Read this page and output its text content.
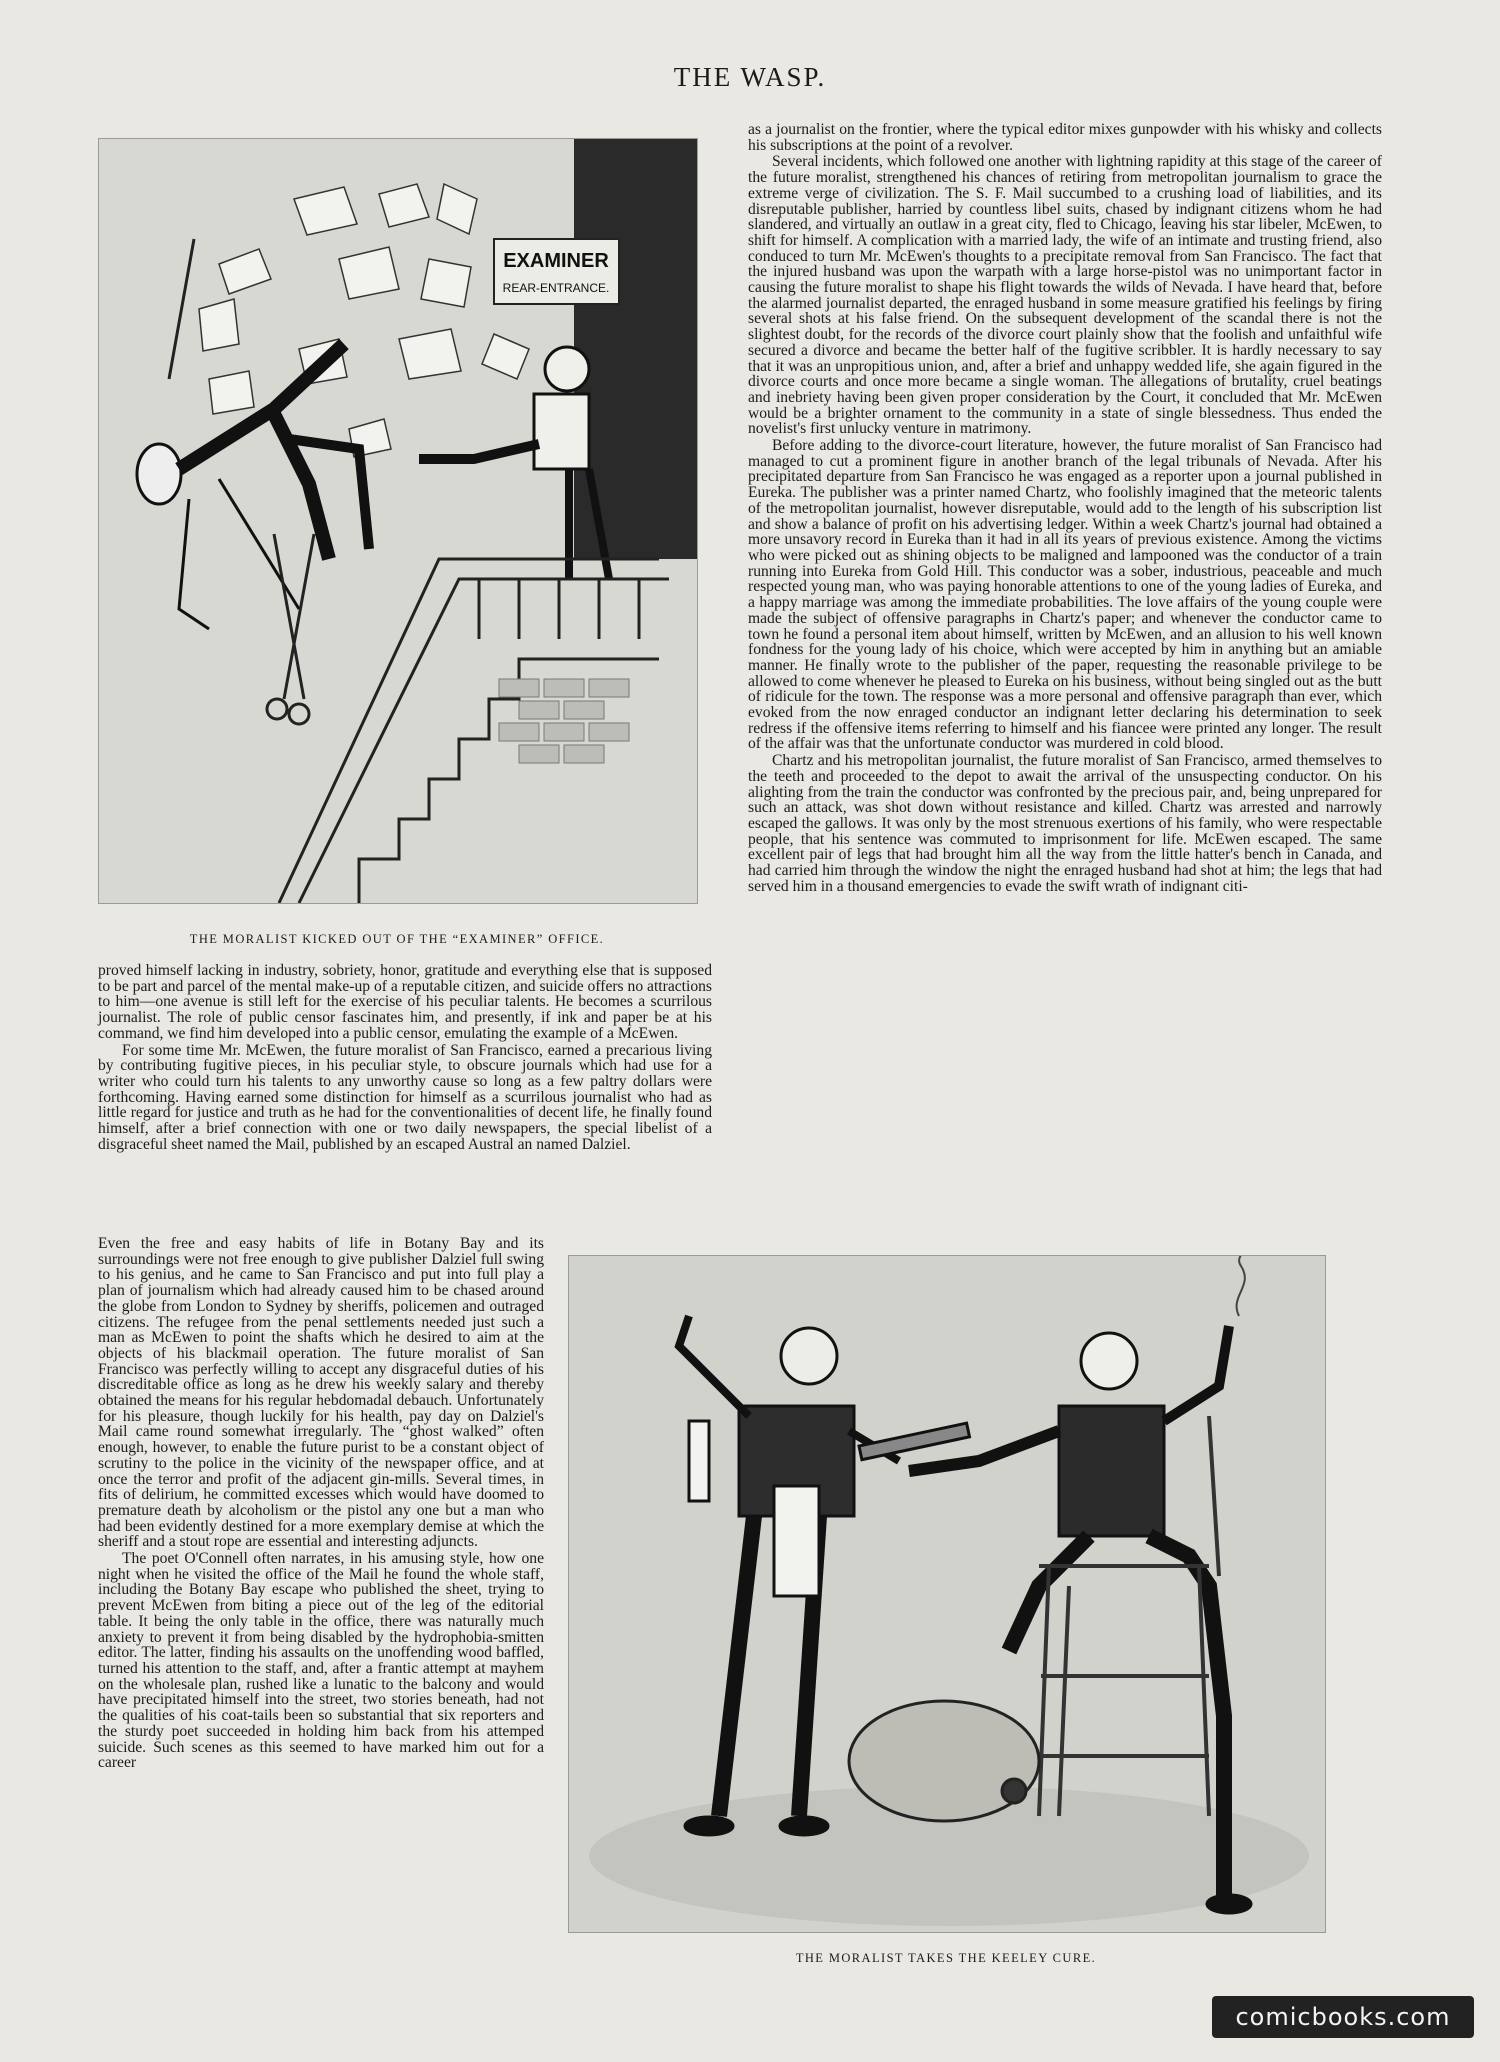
THE WASP.
EXAMINER
REAR-ENTRANCE.
THE MORALIST KICKED OUT OF THE “EXAMINER” OFFICE.

as a journalist on the frontier, where the typical editor mixes gunpowder with his whisky and collects his subscriptions at the point of a revolver.

Several incidents, which followed one another with lightning rapidity at this stage of the career of the future moralist, strengthened his chances of retiring from metropolitan journalism to grace the extreme verge of civilization. The S. F. Mail succumbed to a crushing load of liabilities, and its disreputable publisher, harried by countless libel suits, chased by indignant citizens whom he had slandered, and virtually an outlaw in a great city, fled to Chicago, leaving his star libeler, McEwen, to shift for himself. A complication with a married lady, the wife of an intimate and trusting friend, also conduced to turn Mr. McEwen's thoughts to a precipitate removal from San Francisco. The fact that the injured husband was upon the warpath with a large horse-pistol was no unimportant factor in causing the future moralist to shape his flight towards the wilds of Nevada. I have heard that, before the alarmed journalist departed, the enraged husband in some measure gratified his feelings by firing several shots at his false friend. On the subsequent development of the scandal there is not the slightest doubt, for the records of the divorce court plainly show that the foolish and unfaithful wife secured a divorce and became the better half of the fugitive scribbler. It is hardly necessary to say that it was an unpropitious union, and, after a brief and unhappy wedded life, she again figured in the divorce courts and once more became a single woman. The allegations of brutality, cruel beatings and inebriety having been given proper consideration by the Court, it concluded that Mr. McEwen would be a brighter ornament to the community in a state of single blessedness. Thus ended the novelist's first unlucky venture in matrimony.

Before adding to the divorce-court literature, however, the future moralist of San Francisco had managed to cut a prominent figure in another branch of the legal tribunals of Nevada. After his precipitated departure from San Francisco he was engaged as a reporter upon a journal published in Eureka. The publisher was a printer named Chartz, who foolishly imagined that the meteoric talents of the metropolitan journalist, however disreputable, would add to the length of his subscription list and show a balance of profit on his advertising ledger. Within a week Chartz's journal had obtained a more unsavory record in Eureka than it had in all its years of previous existence. Among the victims who were picked out as shining objects to be maligned and lampooned was the conductor of a train running into Eureka from Gold Hill. This conductor was a sober, industrious, peaceable and much respected young man, who was paying honorable attentions to one of the young ladies of Eureka, and a happy marriage was among the immediate probabilities. The love affairs of the young couple were made the subject of offensive paragraphs in Chartz's paper; and whenever the conductor came to town he found a personal item about himself, written by McEwen, and an allusion to his well known fondness for the young lady of his choice, which were accepted by him in anything but an amiable manner. He finally wrote to the publisher of the paper, requesting the reasonable privilege to be allowed to come whenever he pleased to Eureka on his business, without being singled out as the butt of ridicule for the town. The response was a more personal and offensive paragraph than ever, which evoked from the now enraged conductor an indignant letter declaring his determination to seek redress if the offensive items referring to himself and his fiancee were printed any longer. The result of the affair was that the unfortunate conductor was murdered in cold blood.

Chartz and his metropolitan journalist, the future moralist of San Francisco, armed themselves to the teeth and proceeded to the depot to await the arrival of the unsuspecting conductor. On his alighting from the train the conductor was confronted by the precious pair, and, being unprepared for such an attack, was shot down without resistance and killed. Chartz was arrested and narrowly escaped the gallows. It was only by the most strenuous exertions of his family, who were respectable people, that his sentence was commuted to imprisonment for life. McEwen escaped. The same excellent pair of legs that had brought him all the way from the little hatter's bench in Canada, and had carried him through the window the night the enraged husband had shot at him; the legs that had served him in a thousand emergencies to evade the swift wrath of indignant citi-

proved himself lacking in industry, sobriety, honor, gratitude and everything else that is supposed to be part and parcel of the mental make-up of a reputable citizen, and suicide offers no attractions to him—one avenue is still left for the exercise of his peculiar talents. He becomes a scurrilous journalist. The role of public censor fascinates him, and presently, if ink and paper be at his command, we find him developed into a public censor, emulating the example of a McEwen.

For some time Mr. McEwen, the future moralist of San Francisco, earned a precarious living by contributing fugitive pieces, in his peculiar style, to obscure journals which had use for a writer who could turn his talents to any unworthy cause so long as a few paltry dollars were forthcoming. Having earned some distinction for himself as a scurrilous journalist who had as little regard for justice and truth as he had for the conventionalities of decent life, he finally found himself, after a brief connection with one or two daily newspapers, the special libelist of a disgraceful sheet named the Mail, published by an escaped Austral an named Dalziel.

Even the free and easy habits of life in Botany Bay and its surroundings were not free enough to give publisher Dalziel full swing to his genius, and he came to San Francisco and put into full play a plan of journalism which had already caused him to be chased around the globe from London to Sydney by sheriffs, policemen and outraged citizens. The refugee from the penal settlements needed just such a man as McEwen to point the shafts which he desired to aim at the objects of his blackmail operation. The future moralist of San Francisco was perfectly willing to accept any disgraceful duties of his discreditable office as long as he drew his weekly salary and thereby obtained the means for his regular hebdomadal debauch. Unfortunately for his pleasure, though luckily for his health, pay day on Dalziel's Mail came round somewhat irregularly. The “ghost walked” often enough, however, to enable the future purist to be a constant object of scrutiny to the police in the vicinity of the newspaper office, and at once the terror and profit of the adjacent gin-mills. Several times, in fits of delirium, he committed excesses which would have doomed to premature death by alcoholism or the pistol any one but a man who had been evidently destined for a more exemplary demise at which the sheriff and a stout rope are essential and interesting adjuncts.

The poet O'Connell often narrates, in his amusing style, how one night when he visited the office of the Mail he found the whole staff, including the Botany Bay escape who published the sheet, trying to prevent McEwen from biting a piece out of the leg of the editorial table. It being the only table in the office, there was naturally much anxiety to prevent it from being disabled by the hydrophobia-smitten editor. The latter, finding his assaults on the unoffending wood baffled, turned his attention to the staff, and, after a frantic attempt at mayhem on the wholesale plan, rushed like a lunatic to the balcony and would have precipitated himself into the street, two stories beneath, had not the qualities of his coat-tails been so substantial that six reporters and the sturdy poet succeeded in holding him back from his attemped suicide. Such scenes as this seemed to have marked him out for a career

THE MORALIST TAKES THE KEELEY CURE.
comicbooks.com
